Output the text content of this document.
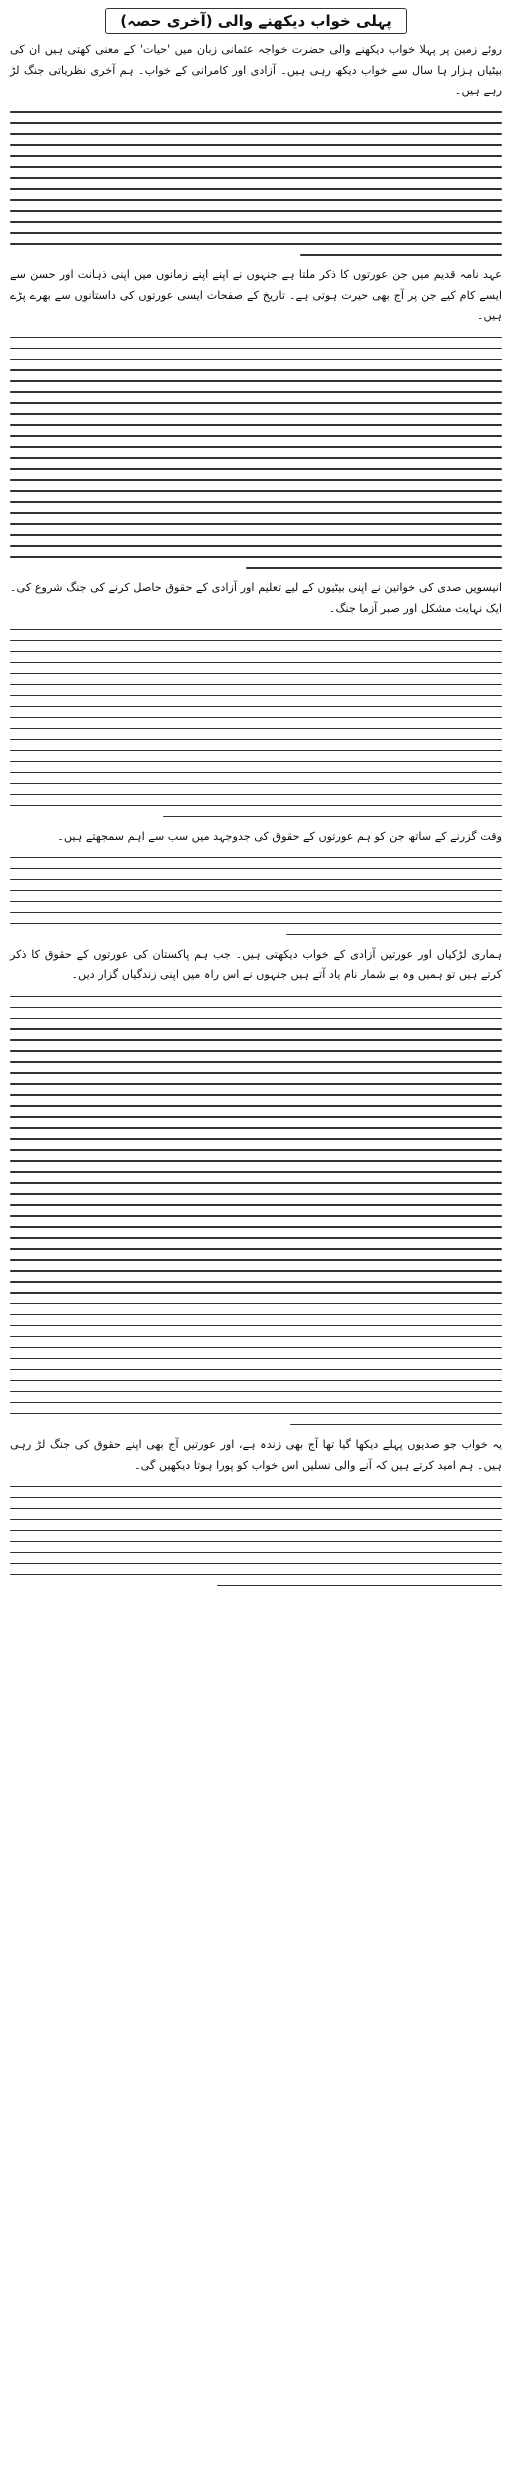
پہلی خواب دیکھنے والی (آخری حصہ)

روئے زمین پر پہلا خواب دیکھنے والی حضرت خواجہ عثمانی زبان میں 'حیات' کے معنی کھتی ہیں ان کی بیٹیاں ہزار ہا سال سے خواب دیکھ رہی ہیں۔ آزادی اور کامرانی کے خواب۔ ہم آخری نظریاتی جنگ لڑ رہے ہیں۔

عہد نامہ قدیم میں جن عورتوں کا ذکر ملتا ہے جنہوں نے اپنے اپنے زمانوں میں اپنی ذہانت اور حسن سے ایسے کام کیے جن پر آج بھی حیرت ہوتی ہے۔ تاریخ کے صفحات ایسی عورتوں کی داستانوں سے بھرے پڑے ہیں۔

انیسویں صدی کی خواتین نے اپنی بیٹیوں کے لیے تعلیم اور آزادی کے حقوق حاصل کرنے کی جنگ شروع کی۔ ایک نہایت مشکل اور صبر آزما جنگ۔

وقت گزرنے کے ساتھ جن کو ہم عورتوں کے حقوق کی جدوجہد میں سب سے اہم سمجھتے ہیں۔

ہماری لڑکیاں اور عورتیں آزادی کے خواب دیکھتی ہیں۔ جب ہم پاکستان کی عورتوں کے حقوق کا ذکر کرتے ہیں تو ہمیں وہ بے شمار نام یاد آتے ہیں جنہوں نے اس راہ میں اپنی زندگیاں گزار دیں۔

یہ خواب جو صدیوں پہلے دیکھا گیا تھا آج بھی زندہ ہے، اور عورتیں آج بھی اپنے حقوق کی جنگ لڑ رہی ہیں۔ ہم امید کرتے ہیں کہ آنے والی نسلیں اس خواب کو پورا ہوتا دیکھیں گی۔
